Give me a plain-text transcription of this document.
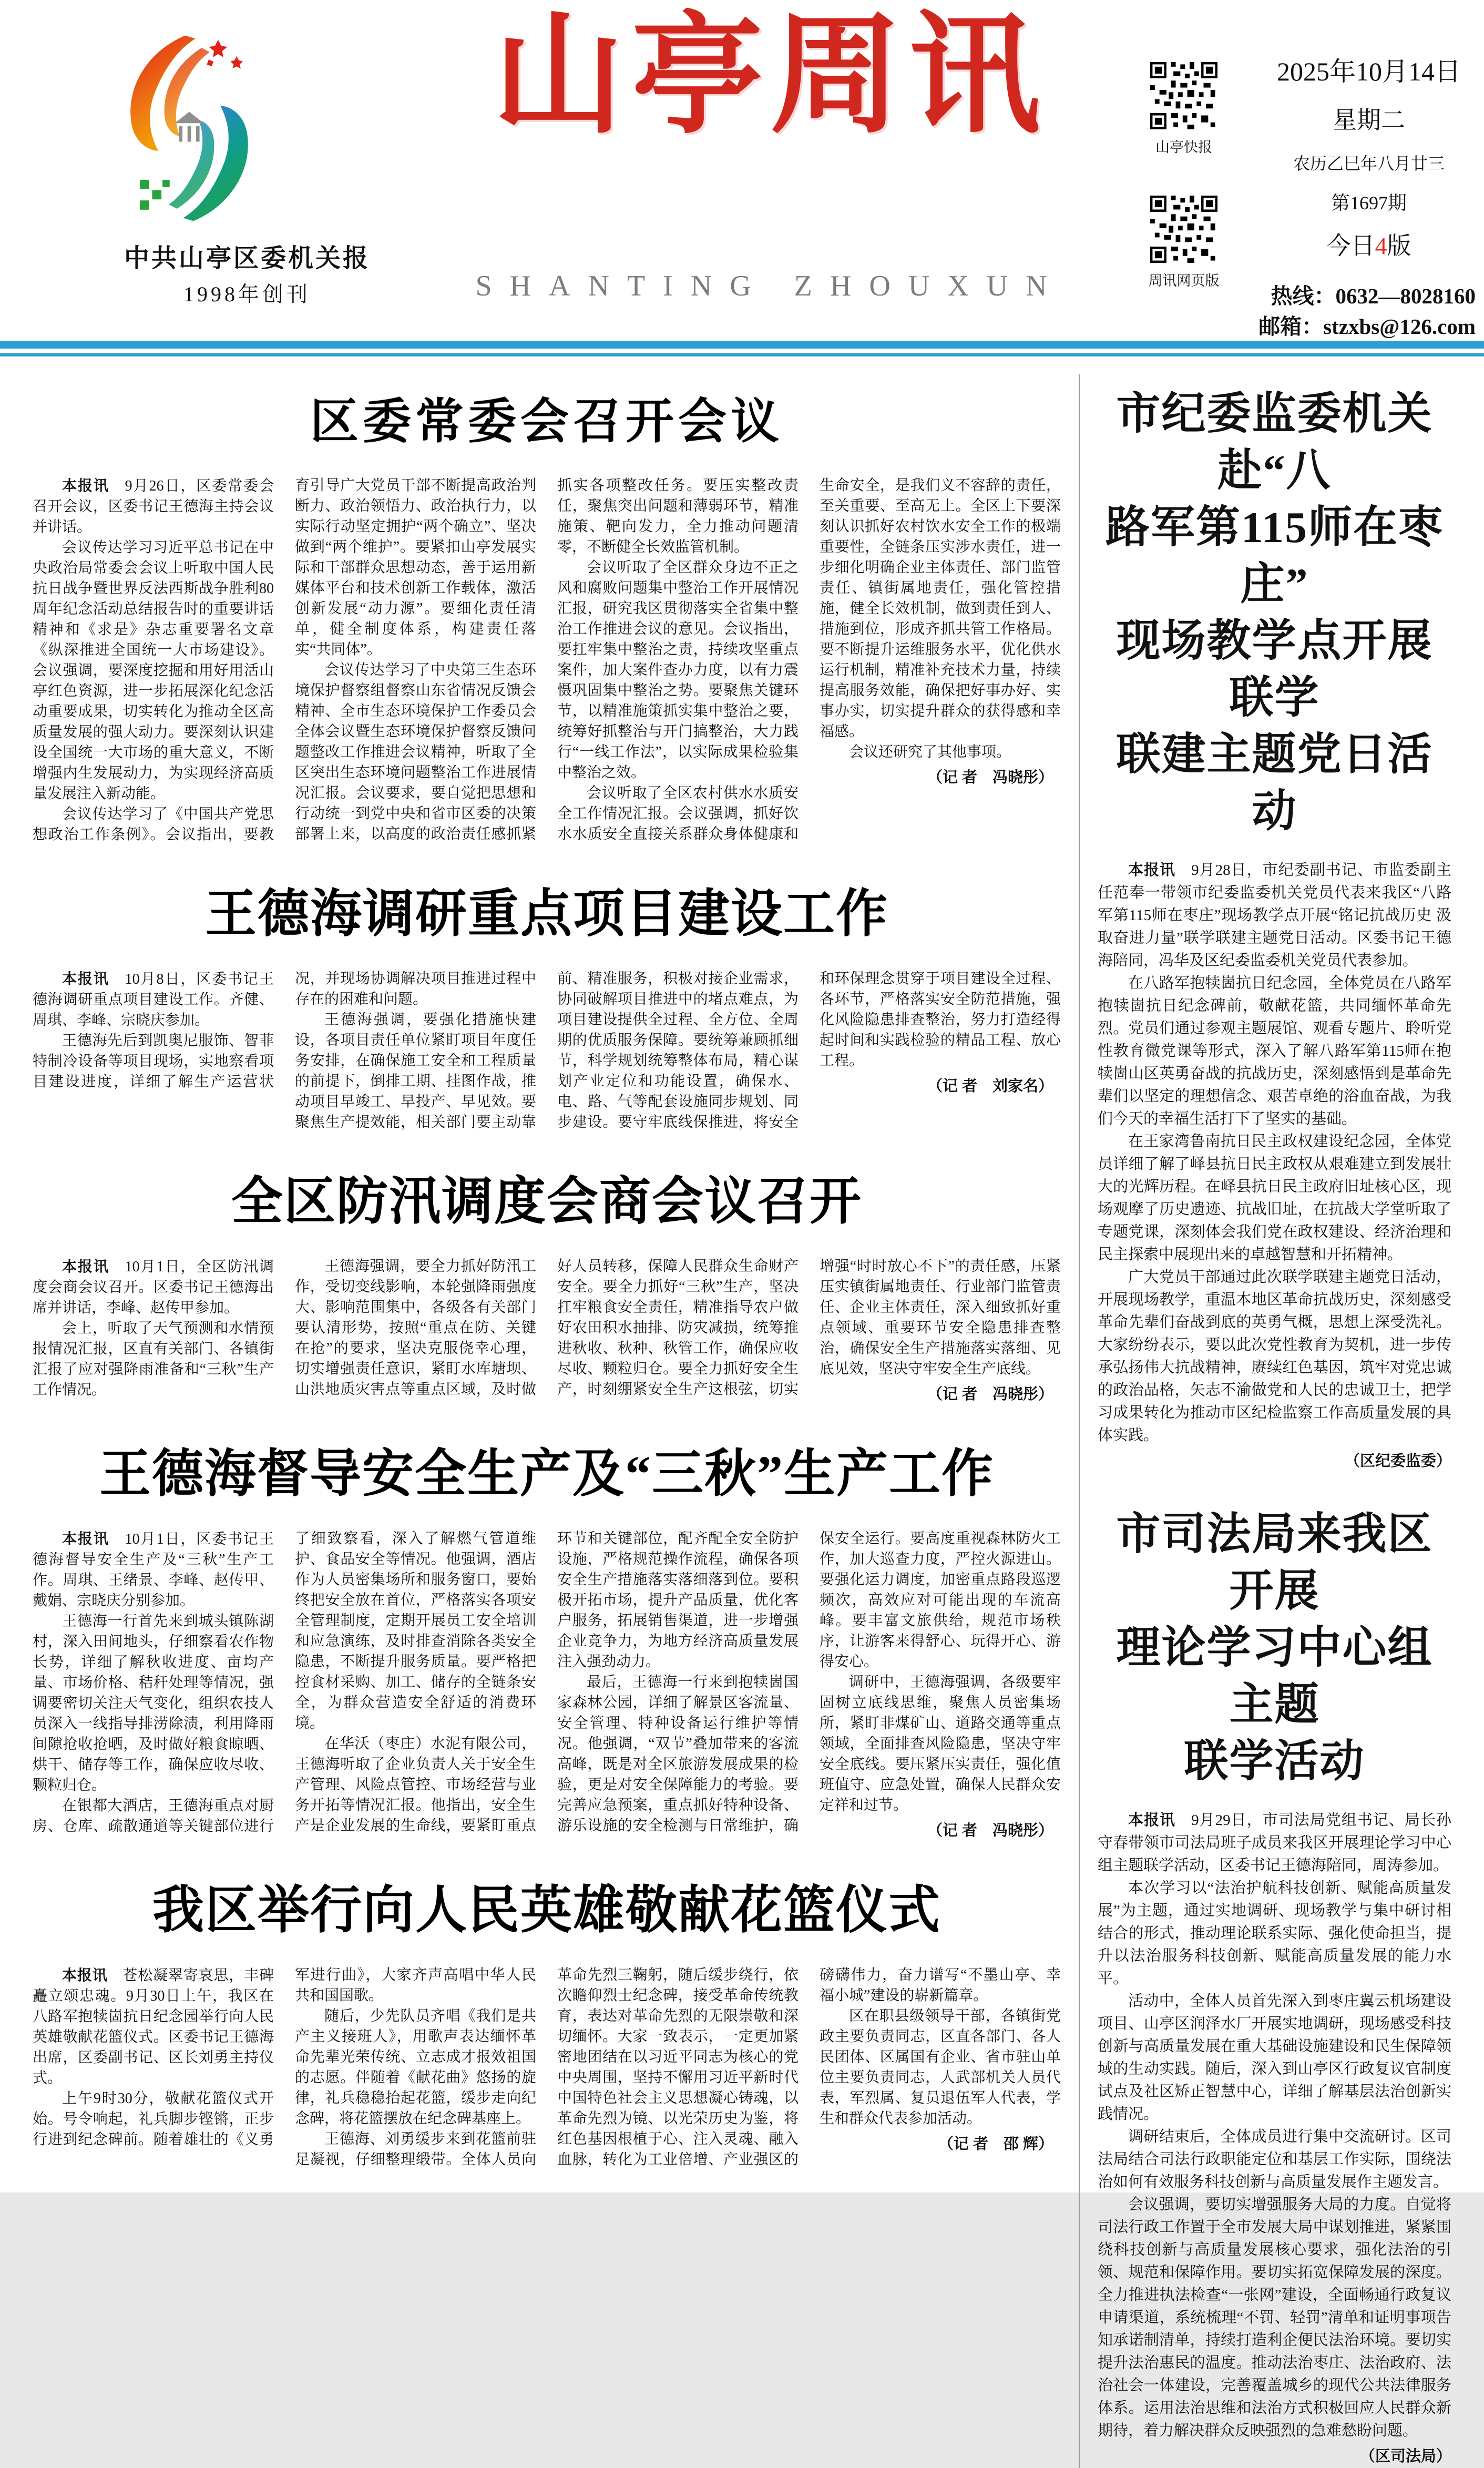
中共山亭区委机关报
1998年创刊
山亭周讯
SHANTING ZHOUXUN
山亭快报
周讯网页版
2025年10月14日
星期二
农历乙巳年八月廿三
第1697期
今日4版
热线：0632—8028160
邮箱：stzxbs@126.com
区委常委会召开会议

本报讯　9月26日，区委常委会召开会议，区委书记王德海主持会议并讲话。

会议传达学习习近平总书记在中央政治局常委会会议上听取中国人民抗日战争暨世界反法西斯战争胜利80周年纪念活动总结报告时的重要讲话精神和《求是》杂志重要署名文章《纵深推进全国统一大市场建设》。会议强调，要深度挖掘和用好用活山亭红色资源，进一步拓展深化纪念活动重要成果，切实转化为推动全区高质量发展的强大动力。要深刻认识建设全国统一大市场的重大意义，不断增强内生发展动力，为实现经济高质量发展注入新动能。

会议传达学习了《中国共产党思想政治工作条例》。会议指出，要教育引导广大党员干部不断提高政治判断力、政治领悟力、政治执行力，以实际行动坚定拥护“两个确立”、坚决做到“两个维护”。要紧扣山亭发展实际和干部群众思想动态，善于运用新媒体平台和技术创新工作载体，激活创新发展“动力源”。要细化责任清单，健全制度体系，构建责任落实“共同体”。

会议传达学习了中央第三生态环境保护督察组督察山东省情况反馈会精神、全市生态环境保护工作委员会全体会议暨生态环境保护督察反馈问题整改工作推进会议精神，听取了全区突出生态环境问题整治工作进展情况汇报。会议要求，要自觉把思想和行动统一到党中央和省市区委的决策部署上来，以高度的政治责任感抓紧抓实各项整改任务。要压实整改责任，聚焦突出问题和薄弱环节，精准施策、靶向发力，全力推动问题清零，不断健全长效监管机制。

会议听取了全区群众身边不正之风和腐败问题集中整治工作开展情况汇报，研究我区贯彻落实全省集中整治工作推进会议的意见。会议指出，要扛牢集中整治之责，持续攻坚重点案件，加大案件查办力度，以有力震慑巩固集中整治之势。要聚焦关键环节，以精准施策抓实集中整治之要，统筹好抓整治与开门搞整治，大力践行“一线工作法”，以实际成果检验集中整治之效。

会议听取了全区农村供水水质安全工作情况汇报。会议强调，抓好饮水水质安全直接关系群众身体健康和生命安全，是我们义不容辞的责任，至关重要、至高无上。全区上下要深刻认识抓好农村饮水安全工作的极端重要性，全链条压实涉水责任，进一步细化明确企业主体责任、部门监管责任、镇街属地责任，强化管控措施，健全长效机制，做到责任到人、措施到位，形成齐抓共管工作格局。要不断提升运维服务水平，优化供水运行机制，精准补充技术力量，持续提高服务效能，确保把好事办好、实事办实，切实提升群众的获得感和幸福感。

会议还研究了其他事项。

（记 者　冯晓彤）
王德海调研重点项目建设工作

本报讯　10月8日，区委书记王德海调研重点项目建设工作。齐健、周琪、李峰、宗晓庆参加。

王德海先后到凯奥尼服饰、智菲特制冷设备等项目现场，实地察看项目建设进度，详细了解生产运营状况，并现场协调解决项目推进过程中存在的困难和问题。

王德海强调，要强化措施快建设，各项目责任单位紧盯项目年度任务安排，在确保施工安全和工程质量的前提下，倒排工期、挂图作战，推动项目早竣工、早投产、早见效。要聚焦生产提效能，相关部门要主动靠前、精准服务，积极对接企业需求，协同破解项目推进中的堵点难点，为项目建设提供全过程、全方位、全周期的优质服务保障。要统筹兼顾抓细节，科学规划统筹整体布局，精心谋划产业定位和功能设置，确保水、电、路、气等配套设施同步规划、同步建设。要守牢底线保推进，将安全和环保理念贯穿于项目建设全过程、各环节，严格落实安全防范措施，强化风险隐患排查整治，努力打造经得起时间和实践检验的精品工程、放心工程。

（记 者　刘家名）
全区防汛调度会商会议召开

本报讯　10月1日，全区防汛调度会商会议召开。区委书记王德海出席并讲话，李峰、赵传甲参加。

会上，听取了天气预测和水情预报情况汇报，区直有关部门、各镇街汇报了应对强降雨准备和“三秋”生产工作情况。

王德海强调，要全力抓好防汛工作，受切变线影响，本轮强降雨强度大、影响范围集中，各级各有关部门要认清形势，按照“重点在防、关键在抢”的要求，坚决克服侥幸心理，切实增强责任意识，紧盯水库塘坝、山洪地质灾害点等重点区域，及时做好人员转移，保障人民群众生命财产安全。要全力抓好“三秋”生产，坚决扛牢粮食安全责任，精准指导农户做好农田积水抽排、防灾减损，统筹推进秋收、秋种、秋管工作，确保应收尽收、颗粒归仓。要全力抓好安全生产，时刻绷紧安全生产这根弦，切实增强“时时放心不下”的责任感，压紧压实镇街属地责任、行业部门监管责任、企业主体责任，深入细致抓好重点领域、重要环节安全隐患排查整治，确保安全生产措施落实落细、见底见效，坚决守牢安全生产底线。

（记 者　冯晓彤）
王德海督导安全生产及“三秋”生产工作

本报讯　10月1日，区委书记王德海督导安全生产及“三秋”生产工作。周琪、王绪景、李峰、赵传甲、戴娟、宗晓庆分别参加。

王德海一行首先来到城头镇陈湖村，深入田间地头，仔细察看农作物长势，详细了解秋收进度、亩均产量、市场价格、秸秆处理等情况，强调要密切关注天气变化，组织农技人员深入一线指导排涝除渍，利用降雨间隙抢收抢晒，及时做好粮食晾晒、烘干、储存等工作，确保应收尽收、颗粒归仓。

在银都大酒店，王德海重点对厨房、仓库、疏散通道等关键部位进行了细致察看，深入了解燃气管道维护、食品安全等情况。他强调，酒店作为人员密集场所和服务窗口，要始终把安全放在首位，严格落实各项安全管理制度，定期开展员工安全培训和应急演练，及时排查消除各类安全隐患，不断提升服务质量。要严格把控食材采购、加工、储存的全链条安全，为群众营造安全舒适的消费环境。

在华沃（枣庄）水泥有限公司，王德海听取了企业负责人关于安全生产管理、风险点管控、市场经营与业务开拓等情况汇报。他指出，安全生产是企业发展的生命线，要紧盯重点环节和关键部位，配齐配全安全防护设施，严格规范操作流程，确保各项安全生产措施落实落细落到位。要积极开拓市场，提升产品质量，优化客户服务，拓展销售渠道，进一步增强企业竞争力，为地方经济高质量发展注入强劲动力。

最后，王德海一行来到抱犊崮国家森林公园，详细了解景区客流量、安全管理、特种设备运行维护等情况。他强调，“双节”叠加带来的客流高峰，既是对全区旅游发展成果的检验，更是对安全保障能力的考验。要完善应急预案，重点抓好特种设备、游乐设施的安全检测与日常维护，确保安全运行。要高度重视森林防火工作，加大巡查力度，严控火源进山。要强化运力调度，加密重点路段巡逻频次，高效应对可能出现的车流高峰。要丰富文旅供给，规范市场秩序，让游客来得舒心、玩得开心、游得安心。

调研中，王德海强调，各级要牢固树立底线思维，聚焦人员密集场所，紧盯非煤矿山、道路交通等重点领域，全面排查风险隐患，坚决守牢安全底线。要压紧压实责任，强化值班值守、应急处置，确保人民群众安定祥和过节。

（记 者　冯晓彤）
我区举行向人民英雄敬献花篮仪式

本报讯　苍松凝翠寄哀思，丰碑矗立颂忠魂。9月30日上午，我区在八路军抱犊崮抗日纪念园举行向人民英雄敬献花篮仪式。区委书记王德海出席，区委副书记、区长刘勇主持仪式。

上午9时30分，敬献花篮仪式开始。号令响起，礼兵脚步铿锵，正步行进到纪念碑前。随着雄壮的《义勇军进行曲》，大家齐声高唱中华人民共和国国歌。

随后，少先队员齐唱《我们是共产主义接班人》，用歌声表达缅怀革命先辈光荣传统、立志成才报效祖国的志愿。伴随着《献花曲》悠扬的旋律，礼兵稳稳抬起花篮，缓步走向纪念碑，将花篮摆放在纪念碑基座上。

王德海、刘勇缓步来到花篮前驻足凝视，仔细整理缎带。全体人员向革命先烈三鞠躬，随后缓步绕行，依次瞻仰烈士纪念碑，接受革命传统教育，表达对革命先烈的无限崇敬和深切缅怀。大家一致表示，一定更加紧密地团结在以习近平同志为核心的党中央周围，坚持不懈用习近平新时代中国特色社会主义思想凝心铸魂，以革命先烈为镜、以光荣历史为鉴，将红色基因根植于心、注入灵魂、融入血脉，转化为工业倍增、产业强区的磅礴伟力，奋力谱写“不墨山亭、幸福小城”建设的崭新篇章。

区在职县级领导干部，各镇街党政主要负责同志，区直各部门、各人民团体、区属国有企业、省市驻山单位主要负责同志，人武部机关人员代表，军烈属、复员退伍军人代表，学生和群众代表参加活动。

（记 者　邵 辉）
市纪委监委机关赴“八
路军第115师在枣庄”
现场教学点开展联学
联建主题党日活动

本报讯　9月28日，市纪委副书记、市监委副主任范奉一带领市纪委监委机关党员代表来我区“八路军第115师在枣庄”现场教学点开展“铭记抗战历史 汲取奋进力量”联学联建主题党日活动。区委书记王德海陪同，冯华及区纪委监委机关党员代表参加。

在八路军抱犊崮抗日纪念园，全体党员在八路军抱犊崮抗日纪念碑前，敬献花篮，共同缅怀革命先烈。党员们通过参观主题展馆、观看专题片、聆听党性教育微党课等形式，深入了解八路军第115师在抱犊崮山区英勇奋战的抗战历史，深刻感悟到是革命先辈们以坚定的理想信念、艰苦卓绝的浴血奋战，为我们今天的幸福生活打下了坚实的基础。

在王家湾鲁南抗日民主政权建设纪念园，全体党员详细了解了峄县抗日民主政权从艰难建立到发展壮大的光辉历程。在峄县抗日民主政府旧址核心区，现场观摩了历史遗迹、抗战旧址，在抗战大学堂听取了专题党课，深刻体会我们党在政权建设、经济治理和民主探索中展现出来的卓越智慧和开拓精神。

广大党员干部通过此次联学联建主题党日活动，开展现场教学，重温本地区革命抗战历史，深刻感受革命先辈们奋战到底的英勇气概，思想上深受洗礼。大家纷纷表示，要以此次党性教育为契机，进一步传承弘扬伟大抗战精神，赓续红色基因，筑牢对党忠诚的政治品格，矢志不渝做党和人民的忠诚卫士，把学习成果转化为推动市区纪检监察工作高质量发展的具体实践。

（区纪委监委）
市司法局来我区开展
理论学习中心组主题
联学活动

本报讯　9月29日，市司法局党组书记、局长孙守春带领市司法局班子成员来我区开展理论学习中心组主题联学活动，区委书记王德海陪同，周涛参加。

本次学习以“法治护航科技创新、赋能高质量发展”为主题，通过实地调研、现场教学与集中研讨相结合的形式，推动理论联系实际、强化使命担当，提升以法治服务科技创新、赋能高质量发展的能力水平。

活动中，全体人员首先深入到枣庄翼云机场建设项目、山亭区润泽水厂开展实地调研，现场感受科技创新与高质量发展在重大基础设施建设和民生保障领域的生动实践。随后，深入到山亭区行政复议官制度试点及社区矫正智慧中心，详细了解基层法治创新实践情况。

调研结束后，全体成员进行集中交流研讨。区司法局结合司法行政职能定位和基层工作实际，围绕法治如何有效服务科技创新与高质量发展作主题发言。

会议强调，要切实增强服务大局的力度。自觉将司法行政工作置于全市发展大局中谋划推进，紧紧围绕科技创新与高质量发展核心要求，强化法治的引领、规范和保障作用。要切实拓宽保障发展的深度。全力推进执法检查“一张网”建设，全面畅通行政复议申请渠道，系统梳理“不罚、轻罚”清单和证明事项告知承诺制清单，持续打造利企便民法治环境。要切实提升法治惠民的温度。推动法治枣庄、法治政府、法治社会一体建设，完善覆盖城乡的现代公共法律服务体系。运用法治思维和法治方式积极回应人民群众新期待，着力解决群众反映强烈的急难愁盼问题。

（区司法局）
